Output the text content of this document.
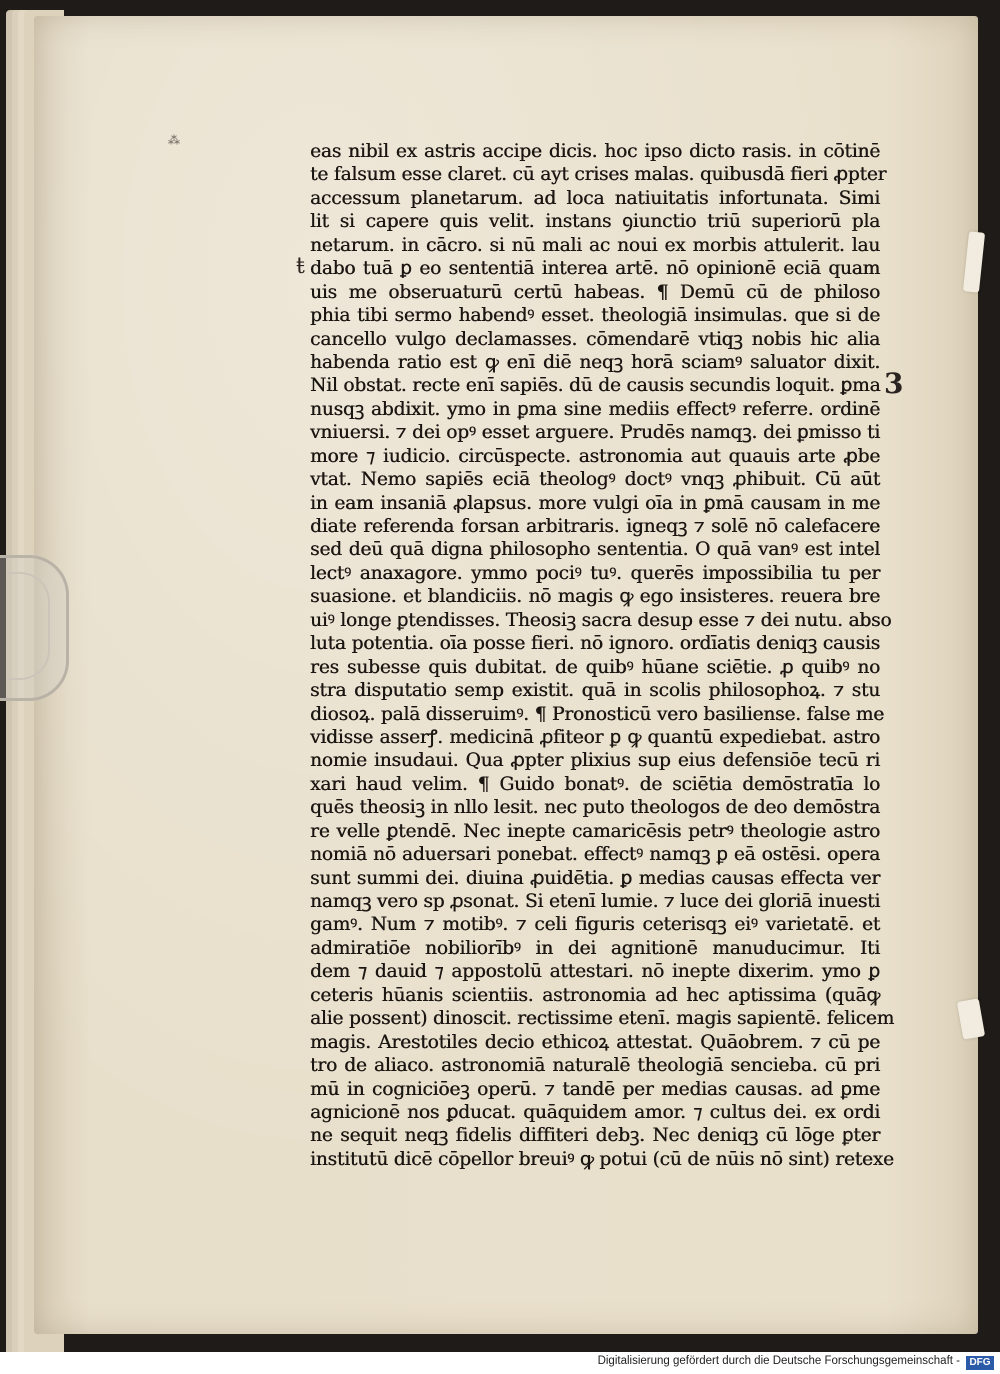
⁂
ŧ
3
eas nibil ex astris accipe dicis. hoc ipso dicto rasis. in cōtinē
te falsum esse claret. cū ayt crises malas. quibusdā fieri ꝓpter
accessum planetarum. ad loca natiuitatis infortunata. Simi
lit si capere quis velit. instans ꝯiunctio triū superiorū pla
netarum. in cācro. si nū mali ac noui ex morbis attulerit. lau
dabo tuā ꝑ eo sententiā interea artē. nō opinionē eciā quam
uis me obseruaturū certū habeas. ¶ Demū cū de philoso
phia tibi sermo habendꝰ esset. theologiā insimulas. que si de
cancello vulgo declamasses. cōmendarē vtiqꝫ nobis hic alia
habenda ratio est ꝙ enī diē neqꝫ horā sciamꝰ saluator dixit.
Nil obstat. recte enī sapiēs. dū de causis secundis loquit. ꝑma
nusqꝫ abdixit. ymo in ꝑma sine mediis effectꝰ referre. ordinē
vniuersi. ⁊ dei opꝰ esset arguere. Prudēs namqꝫ. dei ꝑmisso ti
more ⁊ iudicio. circūspecte. astronomia aut quauis arte ꝓbe
vtat. Nemo sapiēs eciā theologꝰ doctꝰ vnqꝫ ꝓhibuit. Cū aūt
in eam insaniā ꝓlapsus. more vulgi oīa in ꝑmā causam in me
diate referenda forsan arbitraris. igneqꝫ ⁊ solē nō calefacere
sed deū quā digna philosopho sententia. O quā vanꝰ est intel
lectꝰ anaxagore. ymmo pociꝰ tuꝰ. querēs impossibilia tu per
suasione. et blandiciis. nō magis ꝙ ego insisteres. reuera bre
uiꝰ longe ꝑtendisses. Theosiꝫ sacra desup esse ⁊ dei nutu. abso
luta potentia. oīa posse fieri. nō ignoro. ordīatis deniqꝫ causis
res subesse quis dubitat. de quibꝰ hūane sciētie. ꝓ quibꝰ no
stra disputatio semp existit. quā in scolis philosophoꝝ. ⁊ stu
diosoꝝ. palā disseruimꝰ. ¶ Pronosticū vero basiliense. false me
vidisse asserꝭ. medicinā ꝓfiteor ꝑ ꝙ quantū expediebat. astro
nomie insudaui. Qua ꝓpter plixius sup eius defensiōe tecū ri
xari haud velim. ¶ Guido bonatꝰ. de sciētia demōstratīa lo
quēs theosiꝫ in nllo lesit. nec puto theologos de deo demōstra
re velle ꝑtendē. Nec inepte camaricēsis petrꝰ theologie astro
nomiā nō aduersari ponebat. effectꝰ namqꝫ ꝑ eā ostēsi. opera
sunt summi dei. diuina ꝓuidētia. ꝑ medias causas effecta ver
namqꝫ vero sp ꝓsonat. Si etenī lumie. ⁊ luce dei gloriā inuesti
gamꝰ. Num ⁊ motibꝰ. ⁊ celi figuris ceterisqꝫ eiꝰ varietatē. et
admiratiōe nobiliorībꝰ in dei agnitionē manuducimur. Iti
dem ⁊ dauid ⁊ appostolū attestari. nō inepte dixerim. ymo ꝑ
ceteris hūanis scientiis. astronomia ad hec aptissima (quāꝙ
alie possent) dinoscit. rectissime etenī. magis sapientē. felicem
magis. Arestotiles decio ethicoꝝ attestat. Quāobrem. ⁊ cū pe
tro de aliaco. astronomiā naturalē theologiā sencieba. cū pri
mū in cogniciōeꝫ operū. ⁊ tandē per medias causas. ad ꝑme
agnicionē nos ꝑducat. quāquidem amor. ⁊ cultus dei. ex ordi
ne sequit neqꝫ fidelis diffiteri debꝫ. Nec deniqꝫ cū lōge ꝑter
institutū dicē cōpellor breuiꝰ ꝙ potui (cū de nūis nō sint) retexe
Digitalisierung gefördert durch die Deutsche Forschungsgemeinschaft - DFG
